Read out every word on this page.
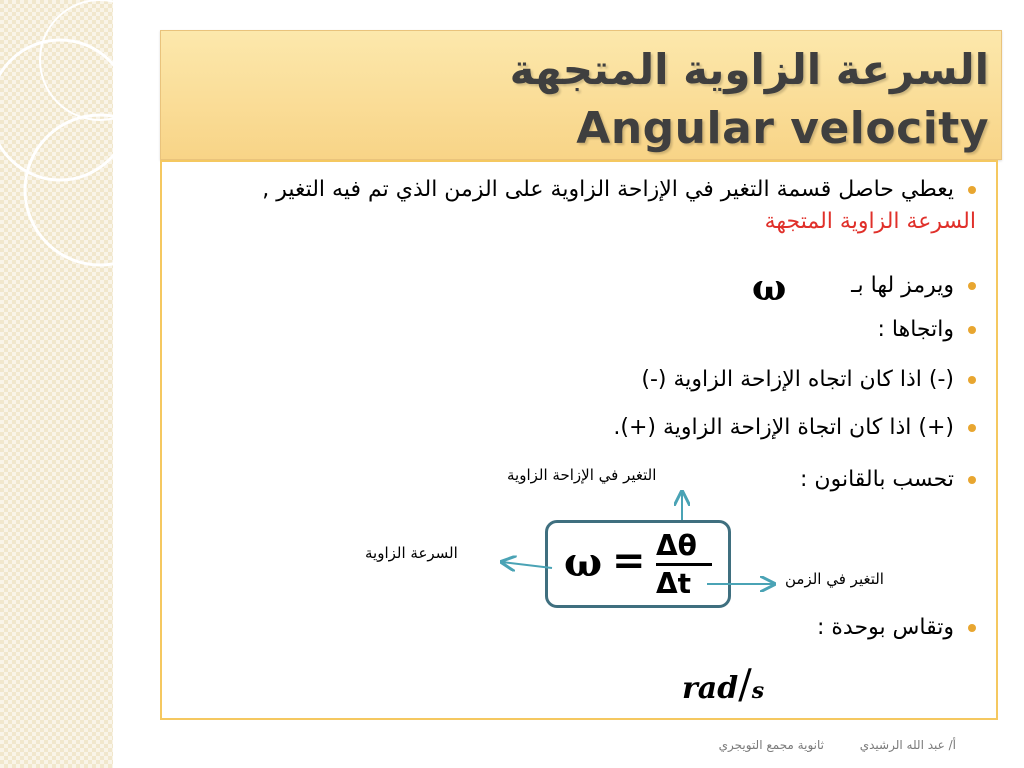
السرعة الزاوية المتجهة
Angular velocity
يعطي حاصل قسمة التغير في الإزاحة الزاوية على الزمن الذي تم فيه التغير , السرعة الزاوية المتجهة
ويرمز لها بـ
ω
واتجاها :
(-) اذا كان اتجاه الإزاحة الزاوية (-)
(+) اذا كان اتجاة الإزاحة الزاوية (+).
تحسب بالقانون :
التغير في الإزاحة الزاوية
السرعة الزاوية
التغير في الزمن
ω = Δθ
Δt
وتقاس بوحدة :
rad/s
أ/ عبد الله الرشيدي
ثانوية مجمع التويجري
